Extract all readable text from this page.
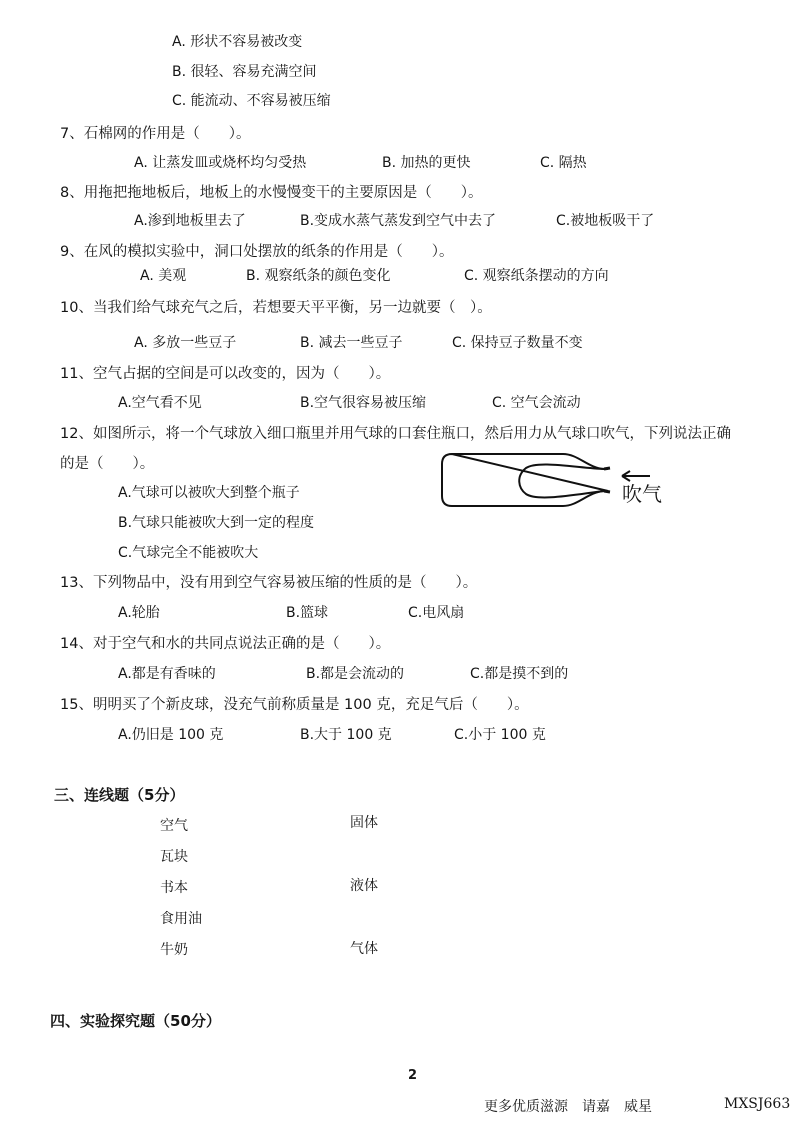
A. 形状不容易被改变
B. 很轻、容易充满空间
C. 能流动、不容易被压缩
7、石棉网的作用是（　　）。
A. 让蒸发皿或烧杯均匀受热	B. 加热的更快	C. 隔热
8、用拖把拖地板后，地板上的水慢慢变干的主要原因是（　　）。
A.渗到地板里去了	B.变成水蒸气蒸发到空气中去了	C.被地板吸干了
9、在风的模拟实验中，洞口处摆放的纸条的作用是（　　）。
A. 美观	B. 观察纸条的颜色变化	C. 观察纸条摆动的方向
10、当我们给气球充气之后，若想要天平平衡，另一边就要（　）。
A. 多放一些豆子	B. 减去一些豆子	C. 保持豆子数量不变
11、空气占据的空间是可以改变的，因为（　　）。
A.空气看不见	B.空气很容易被压缩	C. 空气会流动
12、如图所示，将一个气球放入细口瓶里并用气球的口套住瓶口，然后用力从气球口吹气，下列说法正确
的是（　　）。
A.气球可以被吹大到整个瓶子
B.气球只能被吹大到一定的程度
C.气球完全不能被吹大
吹气
13、下列物品中，没有用到空气容易被压缩的性质的是（　　）。
A.轮胎	B.篮球	C.电风扇
14、对于空气和水的共同点说法正确的是（　　）。
A.都是有香味的	B.都是会流动的	C.都是摸不到的
15、明明买了个新皮球，没充气前称质量是 100 克，充足气后（　　）。
A.仍旧是 100 克	B.大于 100 克	C.小于 100 克
三、连线题（5分）
空气
瓦块
书本
食用油
牛奶
固体
液体
气体
四、实验探究题（50分）
2
更多优质滋源　请嘉　威星	MXSJ663
